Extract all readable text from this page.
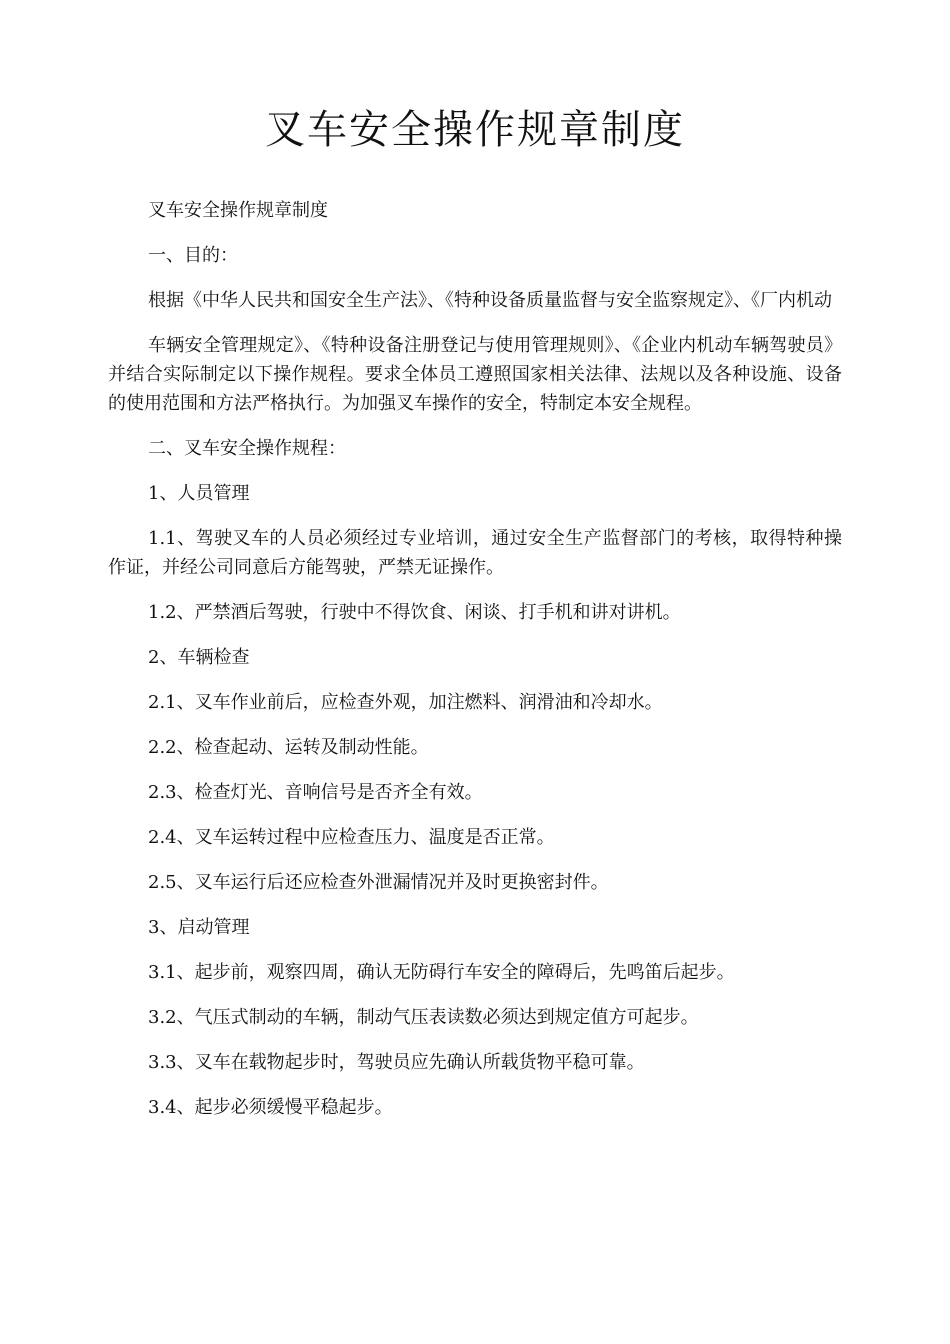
叉车安全操作规章制度

叉车安全操作规章制度

一、目的：

根据《中华人民共和国安全生产法》、《特种设备质量监督与安全监察规定》、《厂内机动

车辆安全管理规定》、《特种设备注册登记与使用管理规则》、《企业内机动车辆驾驶员》并结合实际制定以下操作规程。要求全体员工遵照国家相关法律、法规以及各种设施、设备的使用范围和方法严格执行。为加强叉车操作的安全，特制定本安全规程。

二、叉车安全操作规程：

1、人员管理

1.1、驾驶叉车的人员必须经过专业培训，通过安全生产监督部门的考核，取得特种操作证，并经公司同意后方能驾驶，严禁无证操作。

1.2、严禁酒后驾驶，行驶中不得饮食、闲谈、打手机和讲对讲机。

2、车辆检查

2.1、叉车作业前后，应检查外观，加注燃料、润滑油和冷却水。

2.2、检查起动、运转及制动性能。

2.3、检查灯光、音响信号是否齐全有效。

2.4、叉车运转过程中应检查压力、温度是否正常。

2.5、叉车运行后还应检查外泄漏情况并及时更换密封件。

3、启动管理

3.1、起步前，观察四周，确认无防碍行车安全的障碍后，先鸣笛后起步。

3.2、气压式制动的车辆，制动气压表读数必须达到规定值方可起步。

3.3、叉车在载物起步时，驾驶员应先确认所载货物平稳可靠。

3.4、起步必须缓慢平稳起步。
